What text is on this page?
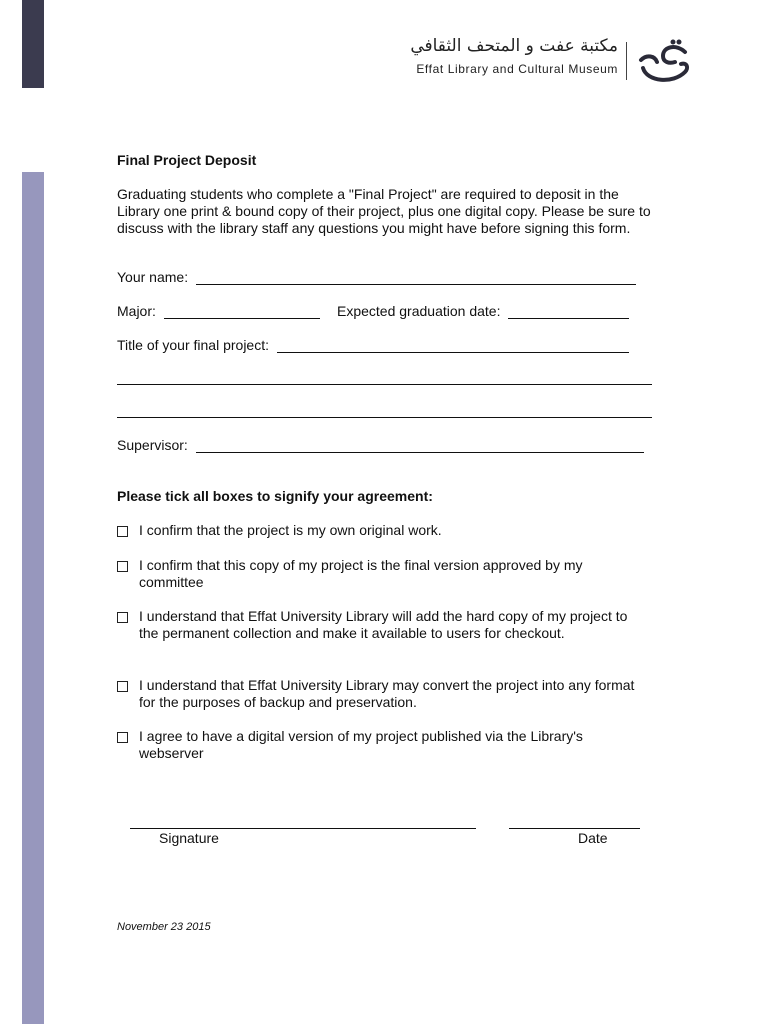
مكتبة عفت و المتحف الثقافي
Effat Library and Cultural Museum
Final Project Deposit
Graduating students who complete a "Final Project" are required to deposit in the Library one print & bound copy of their project, plus one digital copy. Please be sure to discuss with the library staff any questions you might have before signing this form.
Your name:
Major:	Expected graduation date:
Title of your final project:
Supervisor:
Please tick all boxes to signify your agreement:
I confirm that the project is my own original work.
I confirm that this copy of my project is the final version approved by my committee
I understand that Effat University Library will add the hard copy of my project to the permanent collection and make it available to users for checkout.
I understand that Effat University Library may convert the project into any format for the purposes of backup and preservation.
I agree to have a digital version of my project published via the Library's webserver
Signature	Date
November 23 2015
